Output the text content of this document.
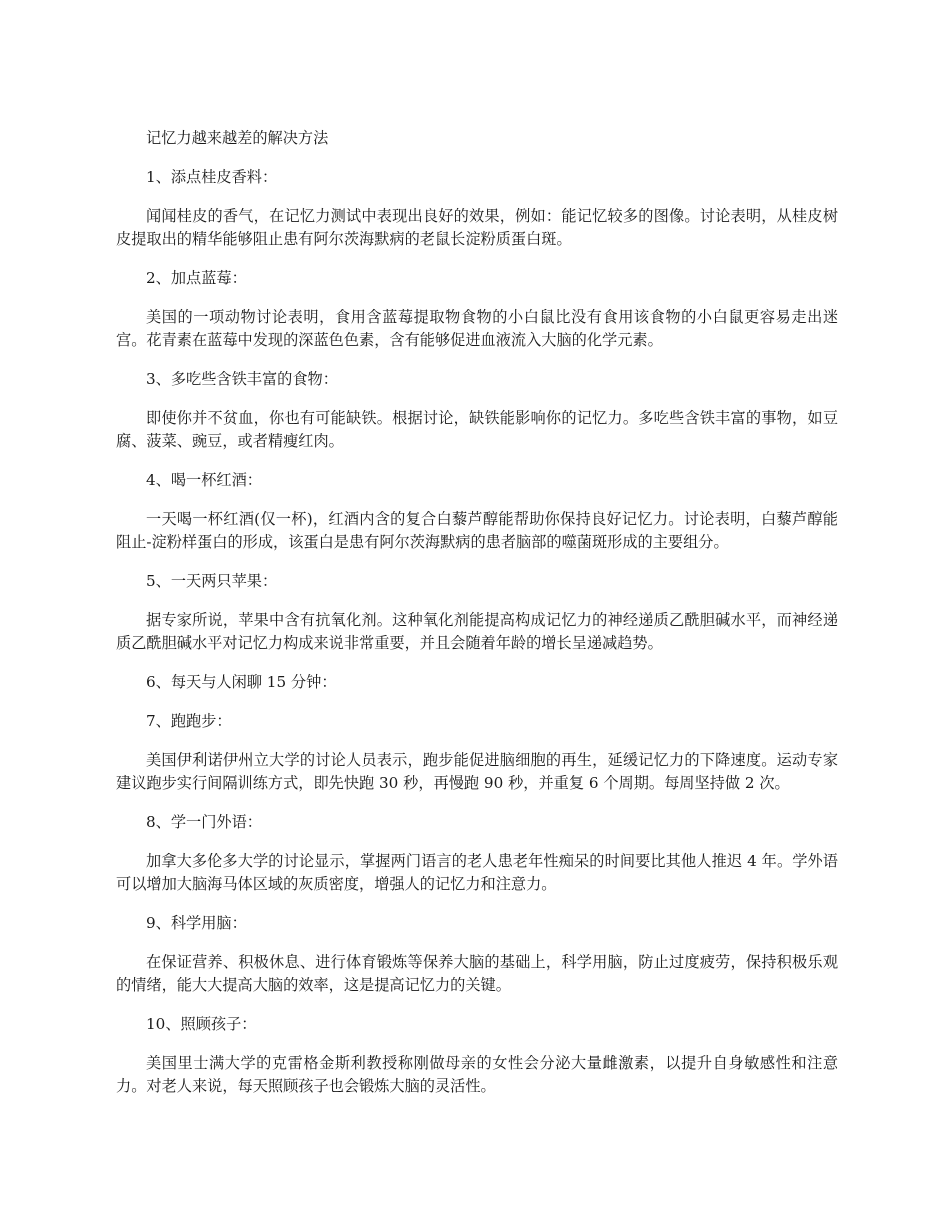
记忆力越来越差的解决方法
1、添点桂皮香料：
闻闻桂皮的香气，在记忆力测试中表现出良好的效果，例如：能记忆较多的图像。讨论表明，从桂皮树皮提取出的精华能够阻止患有阿尔茨海默病的老鼠长淀粉质蛋白斑。
2、加点蓝莓：
美国的一项动物讨论表明，食用含蓝莓提取物食物的小白鼠比没有食用该食物的小白鼠更容易走出迷宫。花青素在蓝莓中发现的深蓝色色素，含有能够促进血液流入大脑的化学元素。
3、多吃些含铁丰富的食物：
即使你并不贫血，你也有可能缺铁。根据讨论，缺铁能影响你的记忆力。多吃些含铁丰富的事物，如豆腐、菠菜、豌豆，或者精瘦红肉。
4、喝一杯红酒：
一天喝一杯红酒(仅一杯)，红酒内含的复合白藜芦醇能帮助你保持良好记忆力。讨论表明，白藜芦醇能阻止-淀粉样蛋白的形成，该蛋白是患有阿尔茨海默病的患者脑部的噬菌斑形成的主要组分。
5、一天两只苹果：
据专家所说，苹果中含有抗氧化剂。这种氧化剂能提高构成记忆力的神经递质乙酰胆碱水平，而神经递质乙酰胆碱水平对记忆力构成来说非常重要，并且会随着年龄的增长呈递减趋势。
6、每天与人闲聊 15 分钟：
7、跑跑步：
美国伊利诺伊州立大学的讨论人员表示，跑步能促进脑细胞的再生，延缓记忆力的下降速度。运动专家建议跑步实行间隔训练方式，即先快跑 30 秒，再慢跑 90 秒，并重复 6 个周期。每周坚持做 2 次。
8、学一门外语：
加拿大多伦多大学的讨论显示，掌握两门语言的老人患老年性痴呆的时间要比其他人推迟 4 年。学外语可以增加大脑海马体区域的灰质密度，增强人的记忆力和注意力。
9、科学用脑：
在保证营养、积极休息、进行体育锻炼等保养大脑的基础上，科学用脑，防止过度疲劳，保持积极乐观的情绪，能大大提高大脑的效率，这是提高记忆力的关键。
10、照顾孩子：
美国里士满大学的克雷格金斯利教授称刚做母亲的女性会分泌大量雌激素，以提升自身敏感性和注意力。对老人来说，每天照顾孩子也会锻炼大脑的灵活性。
